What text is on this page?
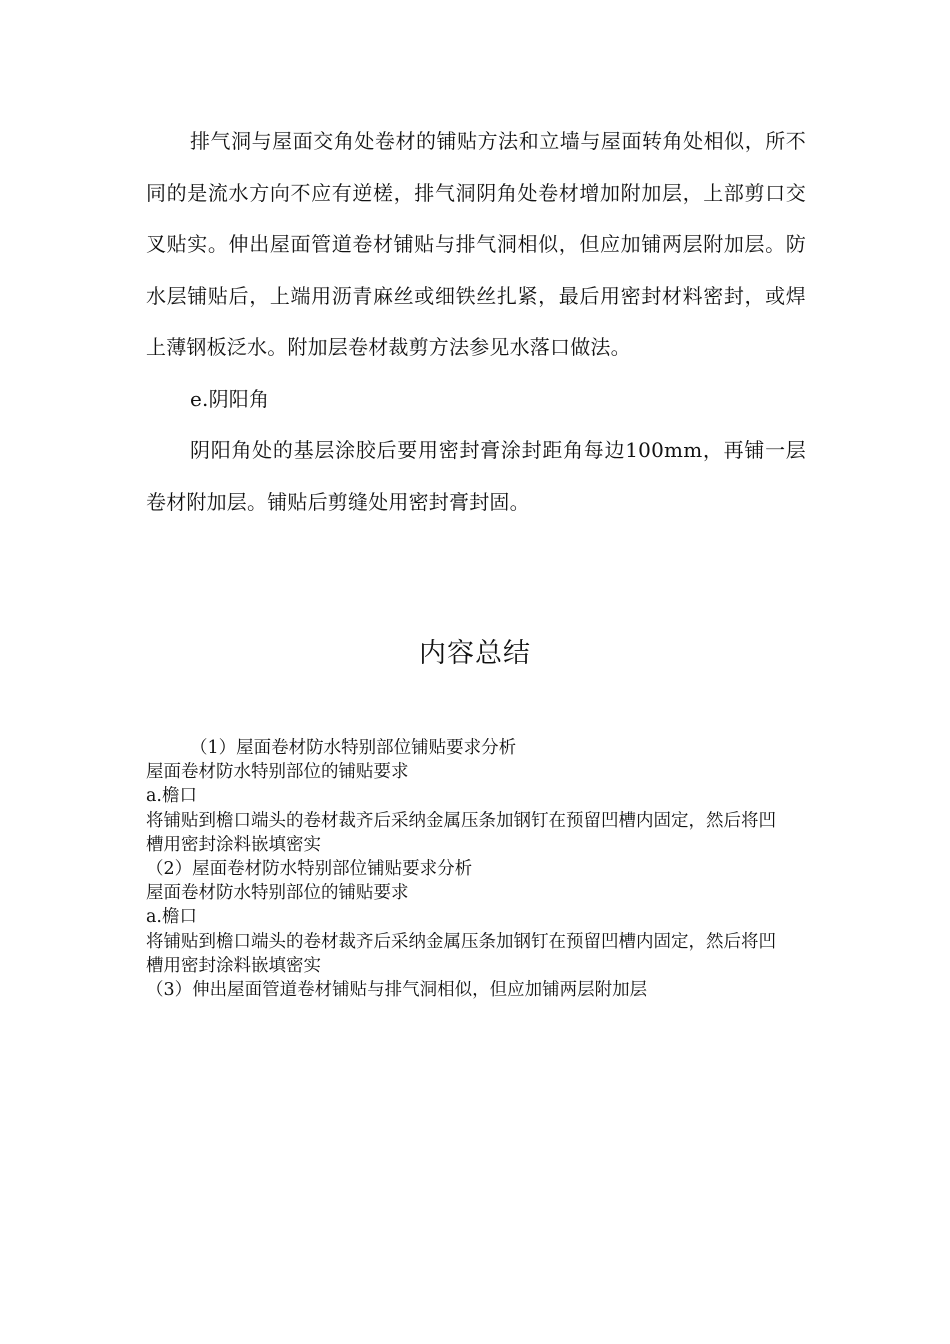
排气洞与屋面交角处卷材的铺贴方法和立墙与屋面转角处相似，所不同的是流水方向不应有逆槎，排气洞阴角处卷材增加附加层，上部剪口交叉贴实。伸出屋面管道卷材铺贴与排气洞相似，但应加铺两层附加层。防水层铺贴后，上端用沥青麻丝或细铁丝扎紧，最后用密封材料密封，或焊上薄钢板泛水。附加层卷材裁剪方法参见水落口做法。

e.阴阳角

阴阳角处的基层涂胶后要用密封膏涂封距角每边100mm，再铺一层卷材附加层。铺贴后剪缝处用密封膏封固。

内容总结

（1）屋面卷材防水特别部位铺贴要求分析

屋面卷材防水特别部位的铺贴要求

a.檐口

将铺贴到檐口端头的卷材裁齐后采纳金属压条加钢钉在预留凹槽内固定，然后将凹槽用密封涂料嵌填密实

（2）屋面卷材防水特别部位铺贴要求分析

屋面卷材防水特别部位的铺贴要求

a.檐口

将铺贴到檐口端头的卷材裁齐后采纳金属压条加钢钉在预留凹槽内固定，然后将凹槽用密封涂料嵌填密实

（3）伸出屋面管道卷材铺贴与排气洞相似，但应加铺两层附加层
